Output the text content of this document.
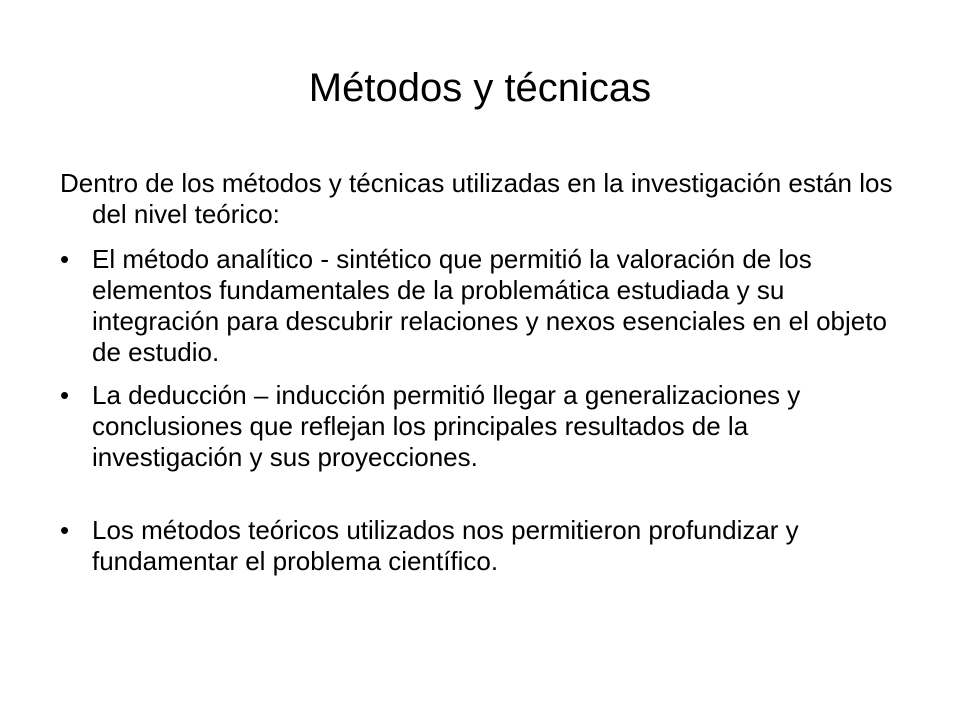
Métodos y técnicas

Dentro de los métodos y técnicas utilizadas en la investigación están los del nivel teórico:

• El método analítico - sintético que permitió la valoración de los elementos fundamentales de la problemática estudiada y su integración para descubrir relaciones y nexos esenciales en el objeto de estudio.
• La deducción – inducción permitió llegar a generalizaciones y conclusiones que reflejan los principales resultados de la investigación y sus proyecciones.
• Los métodos teóricos utilizados nos permitieron profundizar y fundamentar el problema científico.
